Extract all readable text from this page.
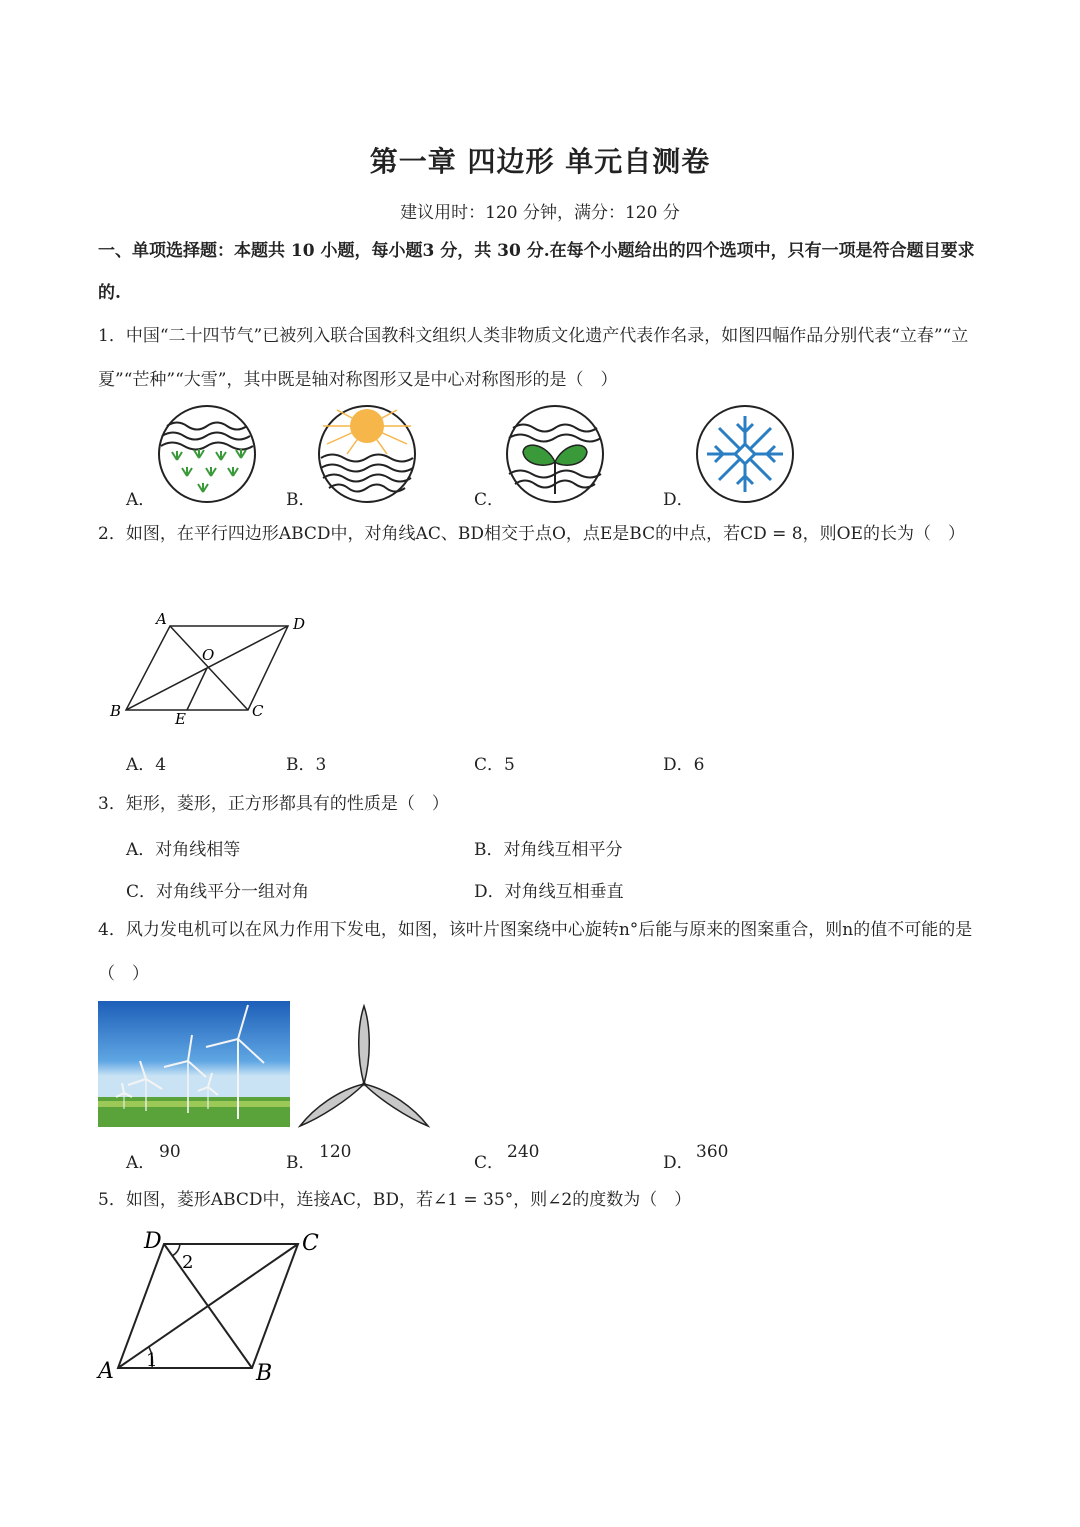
第一章 四边形 单元自测卷
建议用时：120 分钟，满分：120 分
一、单项选择题：本题共 10 小题，每小题3 分，共 30 分.在每个小题给出的四个选项中，只有一项是符合题目要求的.
1．中国“二十四节气”已被列入联合国教科文组织人类非物质文化遗产代表作名录，如图四幅作品分别代表“立春”“立夏”“芒种”“大雪”，其中既是轴对称图形又是中心对称图形的是（　）
A．	B．	C．	D．
2．如图，在平行四边形ABCD中，对角线AC、BD相交于点O，点E是BC的中点，若CD = 8，则OE的长为（　）
A	D
O
B	E	C
A．4	B．3	C．5	D．6
3．矩形，菱形，正方形都具有的性质是（　）
A．对角线相等	B．对角线互相平分
C．对角线平分一组对角	D．对角线互相垂直
4．风力发电机可以在风力作用下发电，如图，该叶片图案绕中心旋转n°后能与原来的图案重合，则n的值不可能的是（　）
A．
90
B．
120
C．
240
D．
360
5．如图，菱形ABCD中，连接AC，BD，若∠1 = 35°，则∠2的度数为（　）
D	C
A	B
1
2
